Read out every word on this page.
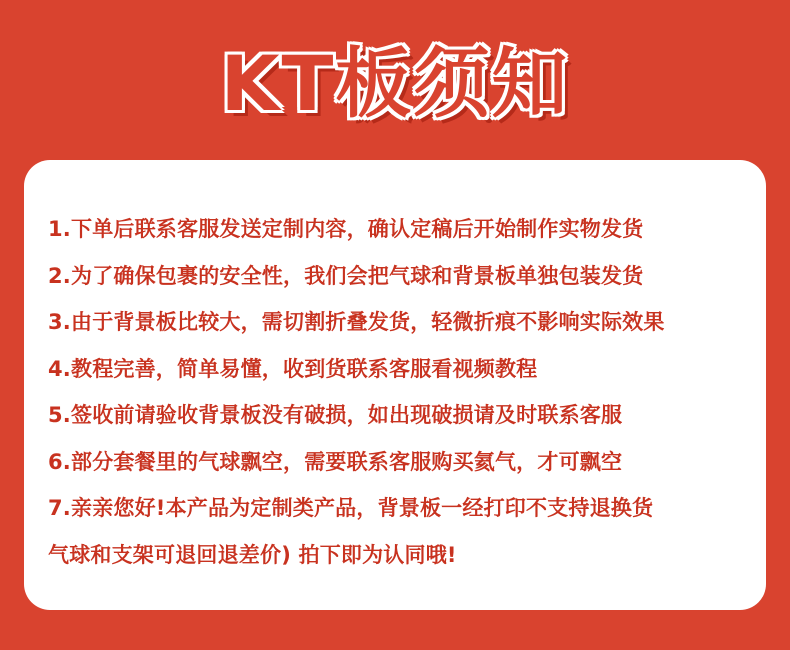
KT板须知
1.下单后联系客服发送定制内容，确认定稿后开始制作实物发货
2.为了确保包裹的安全性，我们会把气球和背景板单独包装发货
3.由于背景板比较大，需切割折叠发货，轻微折痕不影响实际效果
4.教程完善，简单易懂，收到货联系客服看视频教程
5.签收前请验收背景板没有破损，如出现破损请及时联系客服
6.部分套餐里的气球飘空，需要联系客服购买氦气，才可飘空
7.亲亲您好!本产品为定制类产品，背景板一经打印不支持退换货
气球和支架可退回退差价) 拍下即为认同哦!
